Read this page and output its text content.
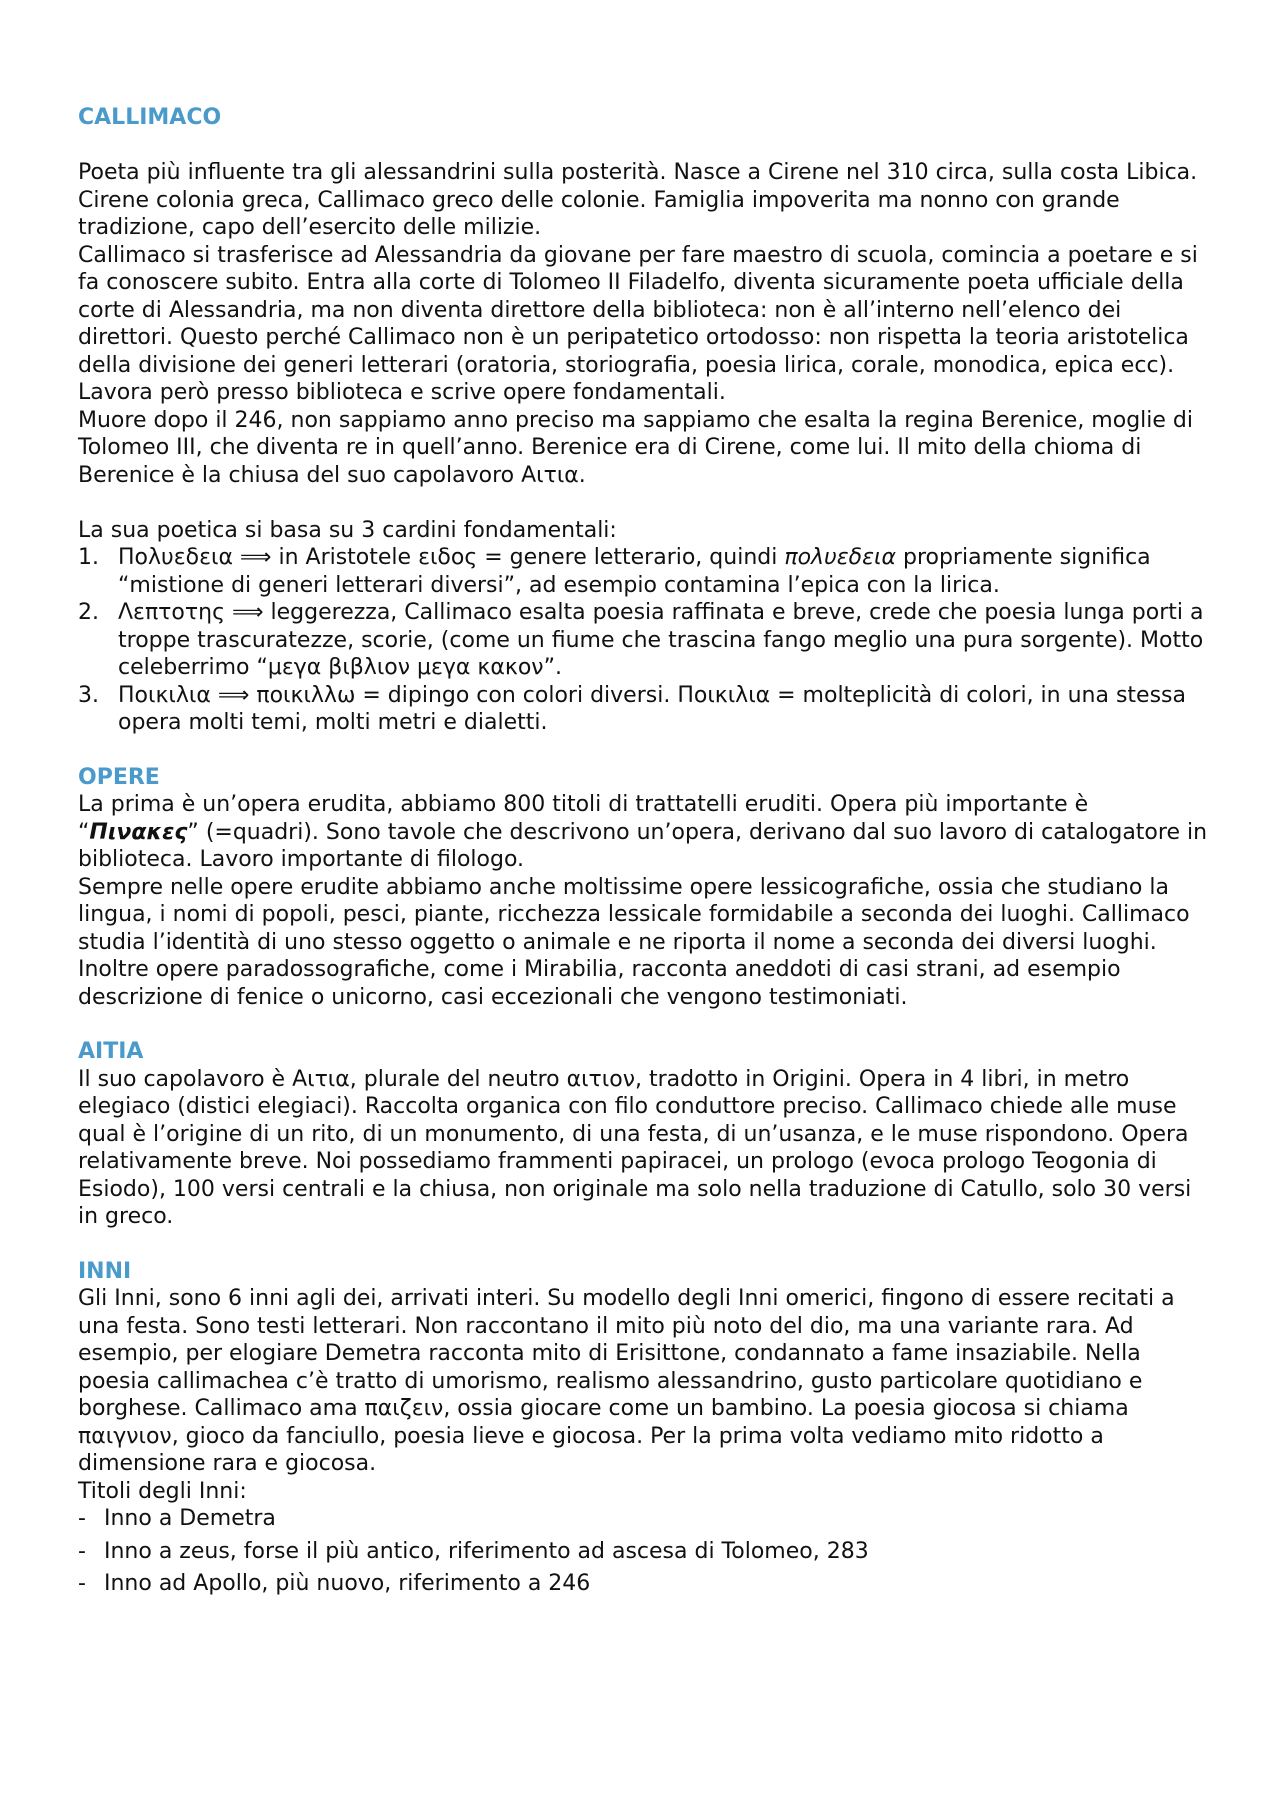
CALLIMACO

Poeta più influente tra gli alessandrini sulla posterità. Nasce a Cirene nel 310 circa, sulla costa Libica. Cirene colonia greca, Callimaco greco delle colonie. Famiglia impoverita ma nonno con grande tradizione, capo dell’esercito delle milizie.

Callimaco si trasferisce ad Alessandria da giovane per fare maestro di scuola, comincia a poetare e si fa conoscere subito. Entra alla corte di Tolomeo II Filadelfo, diventa sicuramente poeta ufficiale della corte di Alessandria, ma non diventa direttore della biblioteca: non è all’interno nell’elenco dei direttori. Questo perché Callimaco non è un peripatetico ortodosso: non rispetta la teoria aristotelica della divisione dei generi letterari (oratoria, storiografia, poesia lirica, corale, monodica, epica ecc). Lavora però presso biblioteca e scrive opere fondamentali.

Muore dopo il 246, non sappiamo anno preciso ma sappiamo che esalta la regina Berenice, moglie di Tolomeo III, che diventa re in quell’anno. Berenice era di Cirene, come lui. Il mito della chioma di Berenice è la chiusa del suo capolavoro Αιτια.

La sua poetica si basa su 3 cardini fondamentali:

1. Πολυεδεια ⟹ in Aristotele ειδος = genere letterario, quindi πολυεδεια propriamente significa “mistione di generi letterari diversi”, ad esempio contamina l’epica con la lirica.
2. Λεπτοτης ⟹ leggerezza, Callimaco esalta poesia raffinata e breve, crede che poesia lunga porti a troppe trascuratezze, scorie, (come un fiume che trascina fango meglio una pura sorgente). Motto celeberrimo “μεγα βιβλιον μεγα κακον”.
3. Ποικιλια ⟹ ποικιλλω = dipingo con colori diversi. Ποικιλια = molteplicità di colori, in una stessa opera molti temi, molti metri e dialetti.
OPERE

La prima è un’opera erudita, abbiamo 800 titoli di trattatelli eruditi. Opera più importante è “Πινακες” (=quadri). Sono tavole che descrivono un’opera, derivano dal suo lavoro di catalogatore in biblioteca. Lavoro importante di filologo.

Sempre nelle opere erudite abbiamo anche moltissime opere lessicografiche, ossia che studiano la lingua, i nomi di popoli, pesci, piante, ricchezza lessicale formidabile a seconda dei luoghi. Callimaco studia l’identità di uno stesso oggetto o animale e ne riporta il nome a seconda dei diversi luoghi.

Inoltre opere paradossografiche, come i Mirabilia, racconta aneddoti di casi strani, ad esempio descrizione di fenice o unicorno, casi eccezionali che vengono testimoniati.

AITIA

Il suo capolavoro è Αιτια, plurale del neutro αιτιον, tradotto in Origini. Opera in 4 libri, in metro elegiaco (distici elegiaci). Raccolta organica con filo conduttore preciso. Callimaco chiede alle muse qual è l’origine di un rito, di un monumento, di una festa, di un’usanza, e le muse rispondono. Opera relativamente breve. Noi possediamo frammenti papiracei, un prologo (evoca prologo Teogonia di Esiodo), 100 versi centrali e la chiusa, non originale ma solo nella traduzione di Catullo, solo 30 versi in greco.

INNI

Gli Inni, sono 6 inni agli dei, arrivati interi. Su modello degli Inni omerici, fingono di essere recitati a una festa. Sono testi letterari. Non raccontano il mito più noto del dio, ma una variante rara. Ad esempio, per elogiare Demetra racconta mito di Erisittone, condannato a fame insaziabile. Nella poesia callimachea c’è tratto di umorismo, realismo alessandrino, gusto particolare quotidiano e borghese. Callimaco ama παιζειν, ossia giocare come un bambino. La poesia giocosa si chiama παιγνιον, gioco da fanciullo, poesia lieve e giocosa. Per la prima volta vediamo mito ridotto a dimensione rara e giocosa.

Titoli degli Inni:

- Inno a Demetra
- Inno a zeus, forse il più antico, riferimento ad ascesa di Tolomeo, 283
- Inno ad Apollo, più nuovo, riferimento a 246
